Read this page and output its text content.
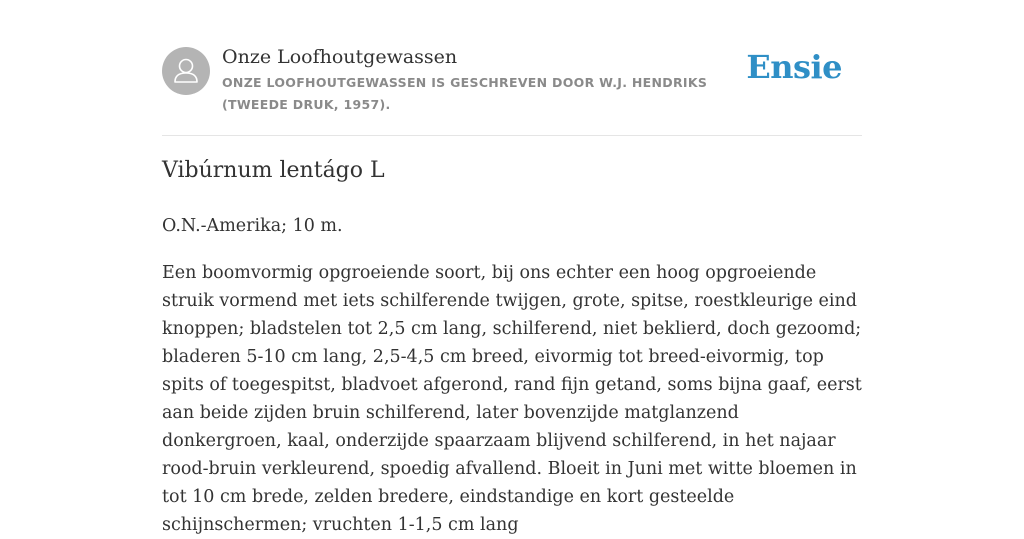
Onze Loofhoutgewassen
ONZE LOOFHOUTGEWASSEN IS GESCHREVEN DOOR W.J. HENDRIKS (TWEEDE DRUK, 1957).
Ensie
Vibúrnum lentágo L

O.N.-Amerika; 10 m.

Een boomvormig opgroeiende soort, bij ons echter een hoog opgroeiende struik vormend met iets schilferende twijgen, grote, spitse, roestkleurige eind knoppen; bladstelen tot 2,5 cm lang, schilferend, niet beklierd, doch gezoomd; bladeren 5-10 cm lang, 2,5-4,5 cm breed, eivormig tot breed-eivormig, top spits of toegespitst, bladvoet afgerond, rand fijn getand, soms bijna gaaf, eerst aan beide zijden bruin schilferend, later bovenzijde matglanzend donkergroen, kaal, onderzijde spaarzaam blijvend schilferend, in het najaar rood-bruin verkleurend, spoedig afvallend. Bloeit in Juni met witte bloemen in tot 10 cm brede, zelden bredere, eindstandige en kort gesteelde schijnschermen; vruchten 1-1,5 cm lang
